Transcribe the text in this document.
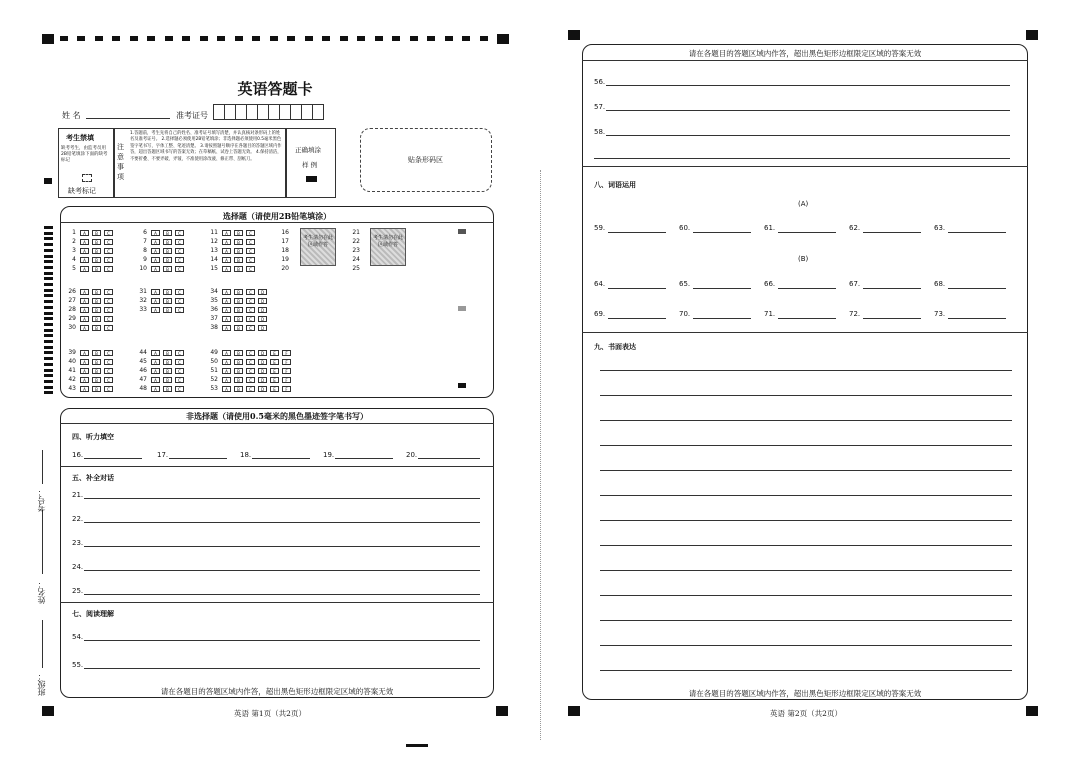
英语答题卡
姓 名	准考证号
考生禁填
缺考考生，由监考员用2B铅笔填涂下面的缺考标记
缺考标记
注意事项
1.答题前，考生先将自己的姓名、准考证号填写清楚，并认真核对条形码上的姓名及准考证号。 2.选择题必须使用2B铅笔填涂；非选择题必须使用0.5毫米黑色签字笔书写，字体工整、笔迹清楚。 3.请按照题号顺序在各题目的答题区域内作答，超出答题区域书写的答案无效；在草稿纸、试卷上答题无效。 4.保持清洁，不要折叠、不要弄破、弄皱，不准使用涂改液、修正带、刮纸刀。
正确填涂
样 例
贴条形码区
选择题（请使用2B铅笔填涂）
1	A	B	C
2	A	B	C
3	A	B	C
4	A	B	C
5	A	B	C
6	A	B	C
7	A	B	C
8	A	B	C
9	A	B	C
10	A	B	C
11	A	B	C
12	A	B	C
13	A	B	C
14	A	B	C
15	A	B	C
16
17
18
19
20
21
22
23
24
25
考生请勿在此区域作答
考生请勿在此区域作答
26	A	B	C
27	A	B	C
28	A	B	C
29	A	B	C
30	A	B	C
31	A	B	C
32	A	B	C
33	A	B	C
34	A	B	C	D
35	A	B	C	D
36	A	B	C	D
37	A	B	C	D
38	A	B	C	D
39	A	B	C
40	A	B	C
41	A	B	C
42	A	B	C
43	A	B	C
44	A	B	C
45	A	B	C
46	A	B	C
47	A	B	C
48	A	B	C
49	A	B	C	D	E	F
50	A	B	C	D	E	F
51	A	B	C	D	E	F
52	A	B	C	D	E	F
53	A	B	C	D	E	F
非选择题（请使用0.5毫米的黑色墨迹签字笔书写）
四、听力填空
16.	17.	18.	19.	20.
五、补全对话
21.
22.
23.
24.
25.
七、阅读理解
54.
55.
请在各题目的答题区域内作答，超出黑色矩形边框限定区域的答案无效
班级：
姓名：
考号：
英语 第1页（共2页）
请在各题目的答题区域内作答，超出黑色矩形边框限定区域的答案无效
56.
57.
58.
八、词语运用
(A)
59.	60.	61.	62.	63.
(B)
64.	65.	66.	67.	68.
69.	70.	71.	72.	73.
九、书面表达
请在各题目的答题区域内作答，超出黑色矩形边框限定区域的答案无效
英语 第2页（共2页）
